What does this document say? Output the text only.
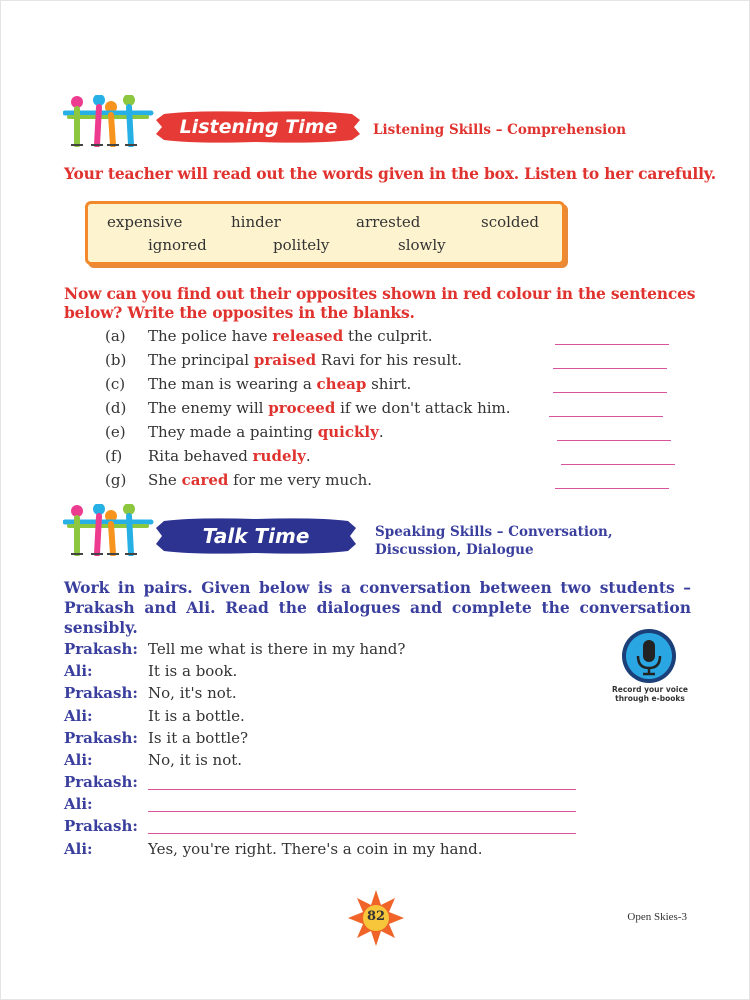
Listening Time	Listening Skills – Comprehension
Your teacher will read out the words given in the box. Listen to her carefully.
expensive	hinder	arrested	scolded
ignored	politely	slowly
Now can you find out their opposites shown in red colour in the sentences
below? Write the opposites in the blanks.
(a)	The police have released the culprit.
(b)	The principal praised Ravi for his result.
(c)	The man is wearing a cheap shirt.
(d)	The enemy will proceed if we don't attack him.
(e)	They made a painting quickly.
(f)	Rita behaved rudely.
(g)	She cared for me very much.
Talk Time	Speaking Skills – Conversation,
Discussion, Dialogue
Work in pairs. Given below is a conversation between two students –
Prakash and Ali. Read the dialogues and complete the conversation
sensibly.
Prakash: Tell me what is there in my hand?
Ali:	It is a book.
Prakash: No, it's not.
Ali:	It is a bottle.
Prakash: Is it a bottle?
Ali:	No, it is not.
Prakash:
Ali:
Prakash:
Ali:	Yes, you're right. There's a coin in my hand.
Record your voice
through e-books
82	Open Skies-3
